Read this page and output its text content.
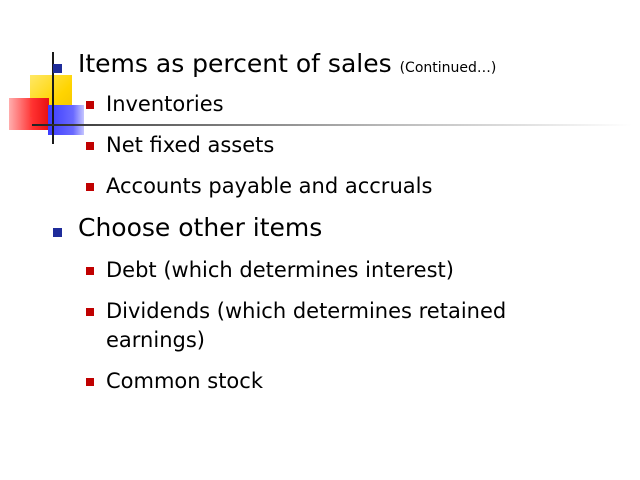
Items as percent of sales (Continued…)
Inventories
Net fixed assets
Accounts payable and accruals
Choose other items
Debt (which determines interest)
Dividends (which determines retained
earnings)
Common stock
